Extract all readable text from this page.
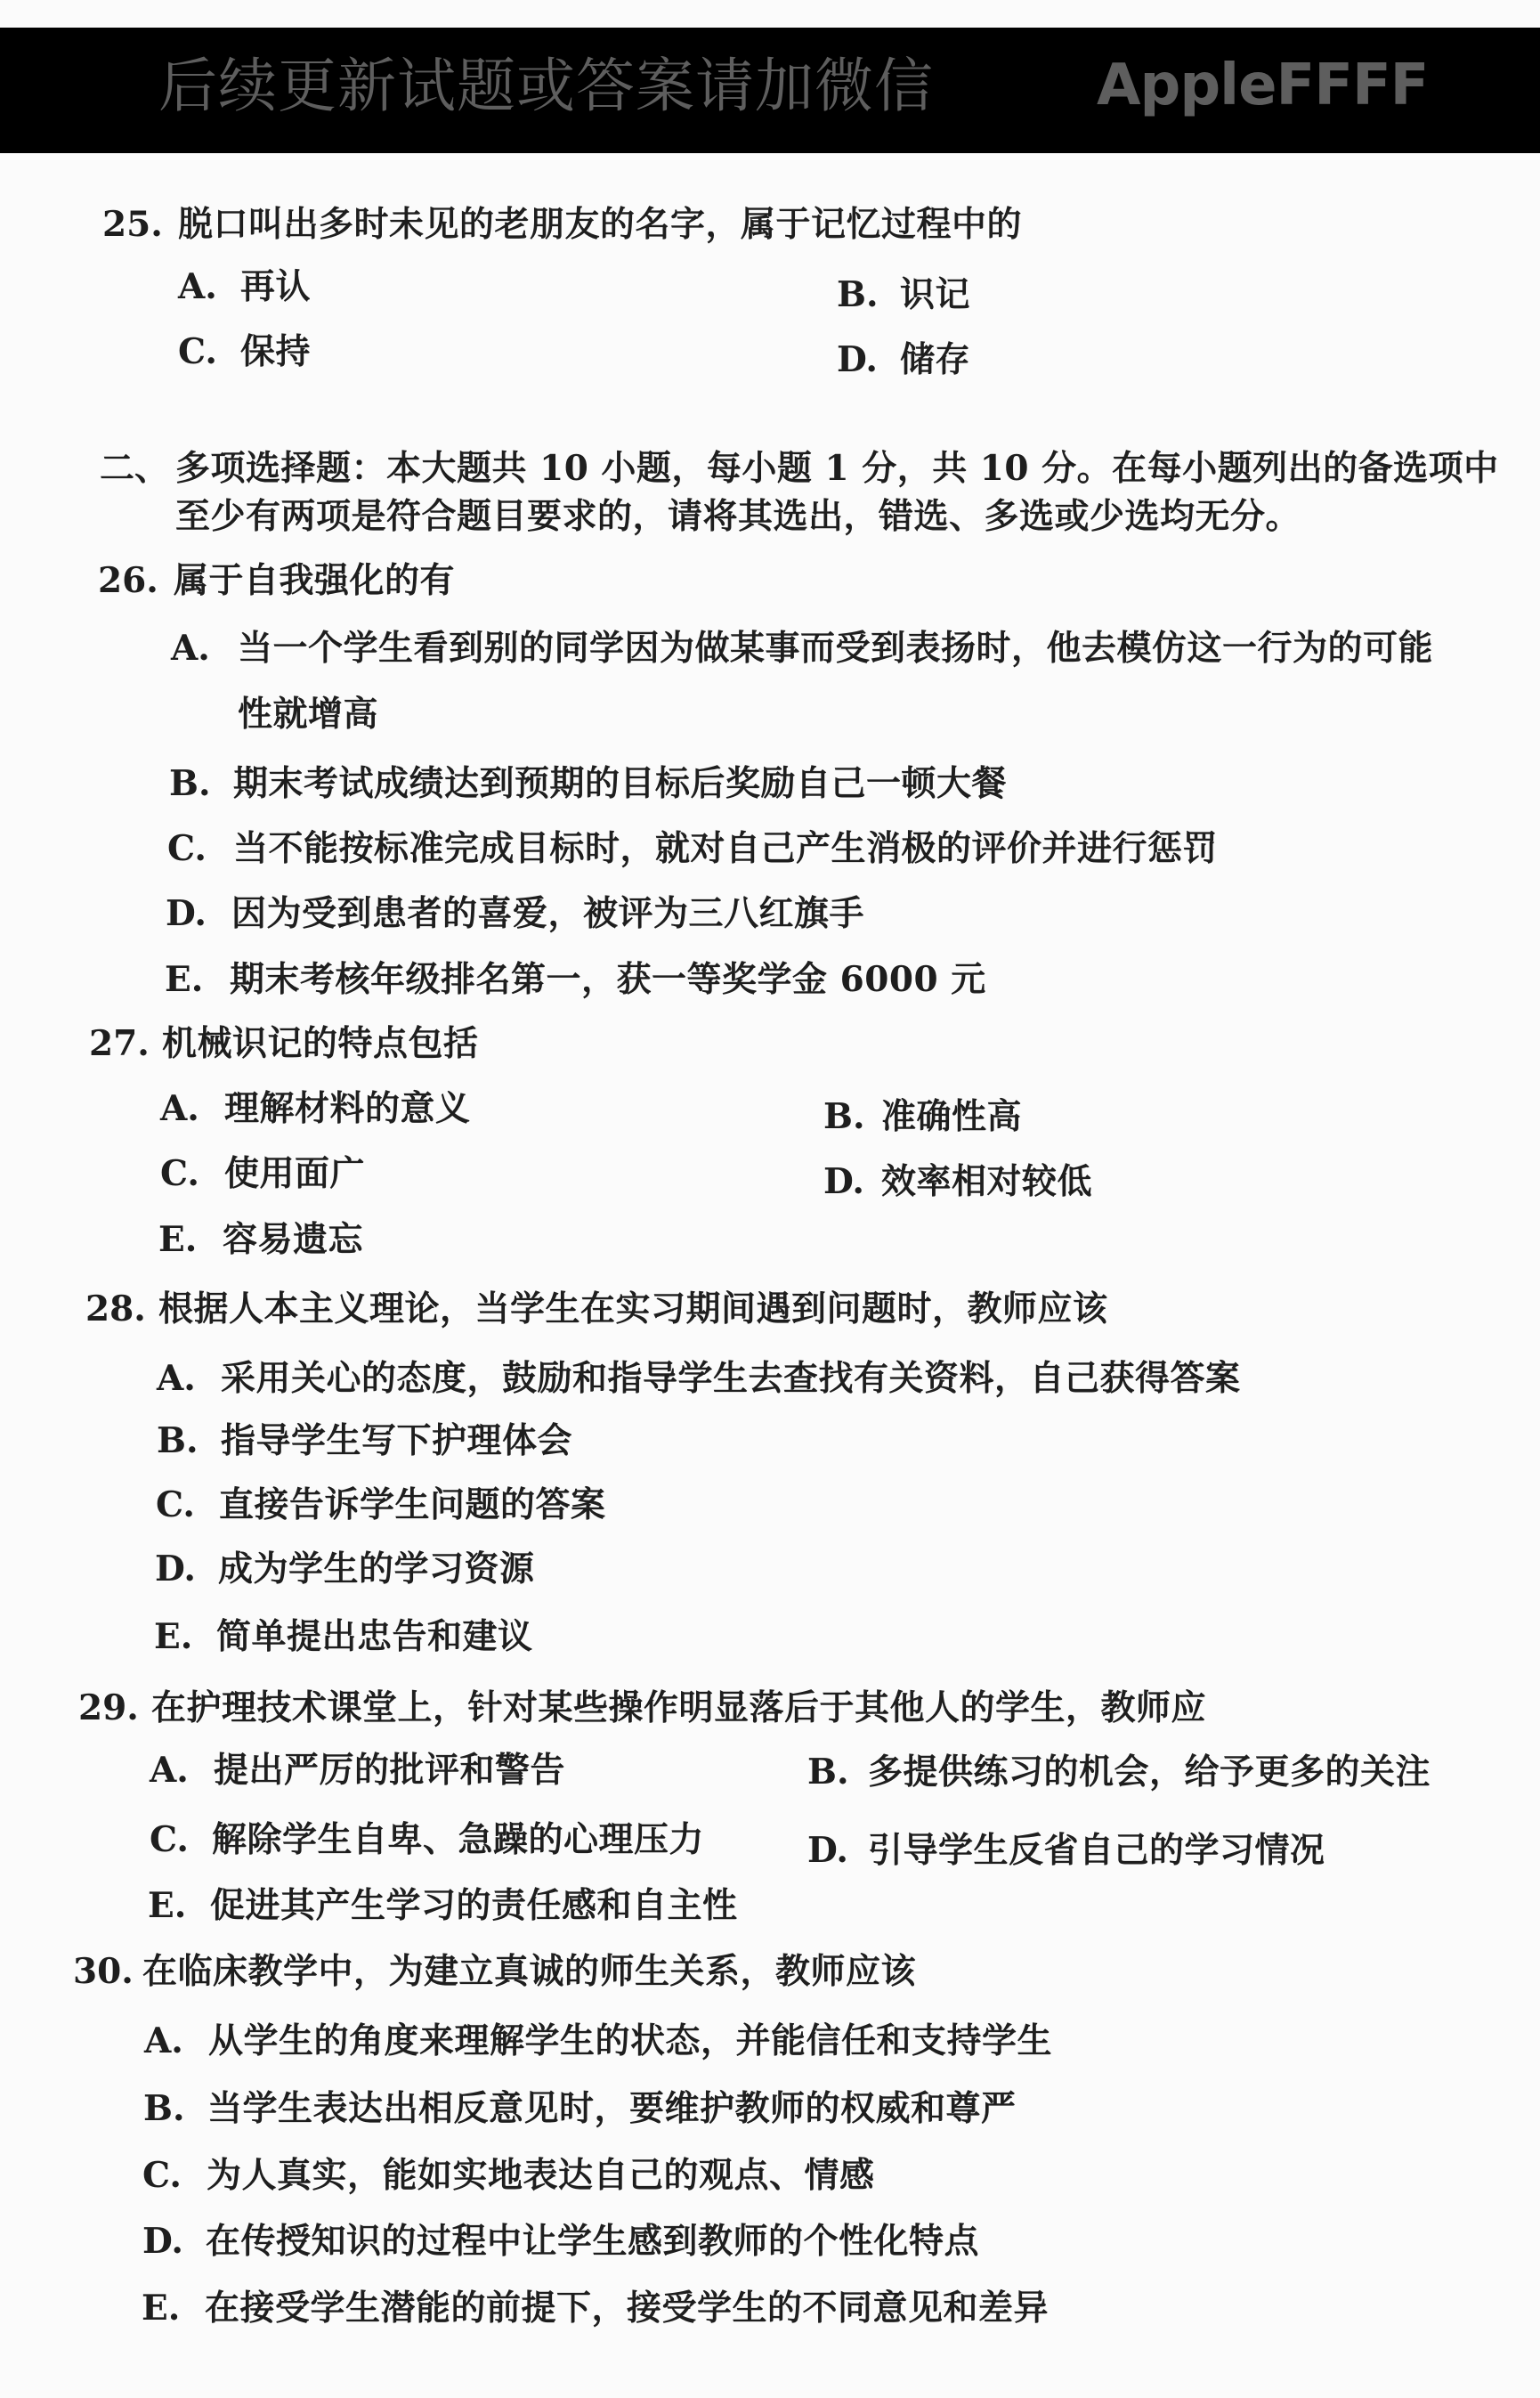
后续更新试题或答案请加微信	AppleFFFF
25. 脱口叫出多时未见的老朋友的名字，属于记忆过程中的
A. 再认	B. 识记
C. 保持	D. 储存
二、 多项选择题：本大题共 10 小题，每小题 1 分，共 10 分。在每小题列出的备选项中
至少有两项是符合题目要求的，请将其选出，错选、多选或少选均无分。
26. 属于自我强化的有
A. 当一个学生看到别的同学因为做某事而受到表扬时，他去模仿这一行为的可能
性就增高
B. 期末考试成绩达到预期的目标后奖励自己一顿大餐
C. 当不能按标准完成目标时，就对自己产生消极的评价并进行惩罚
D. 因为受到患者的喜爱，被评为三八红旗手
E. 期末考核年级排名第一，获一等奖学金 6000 元
27. 机械识记的特点包括
A. 理解材料的意义	B. 准确性高
C. 使用面广	D. 效率相对较低
E. 容易遗忘
28. 根据人本主义理论，当学生在实习期间遇到问题时，教师应该
A. 采用关心的态度，鼓励和指导学生去查找有关资料，自己获得答案
B. 指导学生写下护理体会
C. 直接告诉学生问题的答案
D. 成为学生的学习资源
E. 简单提出忠告和建议
29. 在护理技术课堂上，针对某些操作明显落后于其他人的学生，教师应
A. 提出严厉的批评和警告	B. 多提供练习的机会，给予更多的关注
C. 解除学生自卑、急躁的心理压力	D. 引导学生反省自己的学习情况
E. 促进其产生学习的责任感和自主性
30. 在临床教学中，为建立真诚的师生关系，教师应该
A. 从学生的角度来理解学生的状态，并能信任和支持学生
B. 当学生表达出相反意见时，要维护教师的权威和尊严
C. 为人真实，能如实地表达自己的观点、情感
D. 在传授知识的过程中让学生感到教师的个性化特点
E. 在接受学生潜能的前提下，接受学生的不同意见和差异
